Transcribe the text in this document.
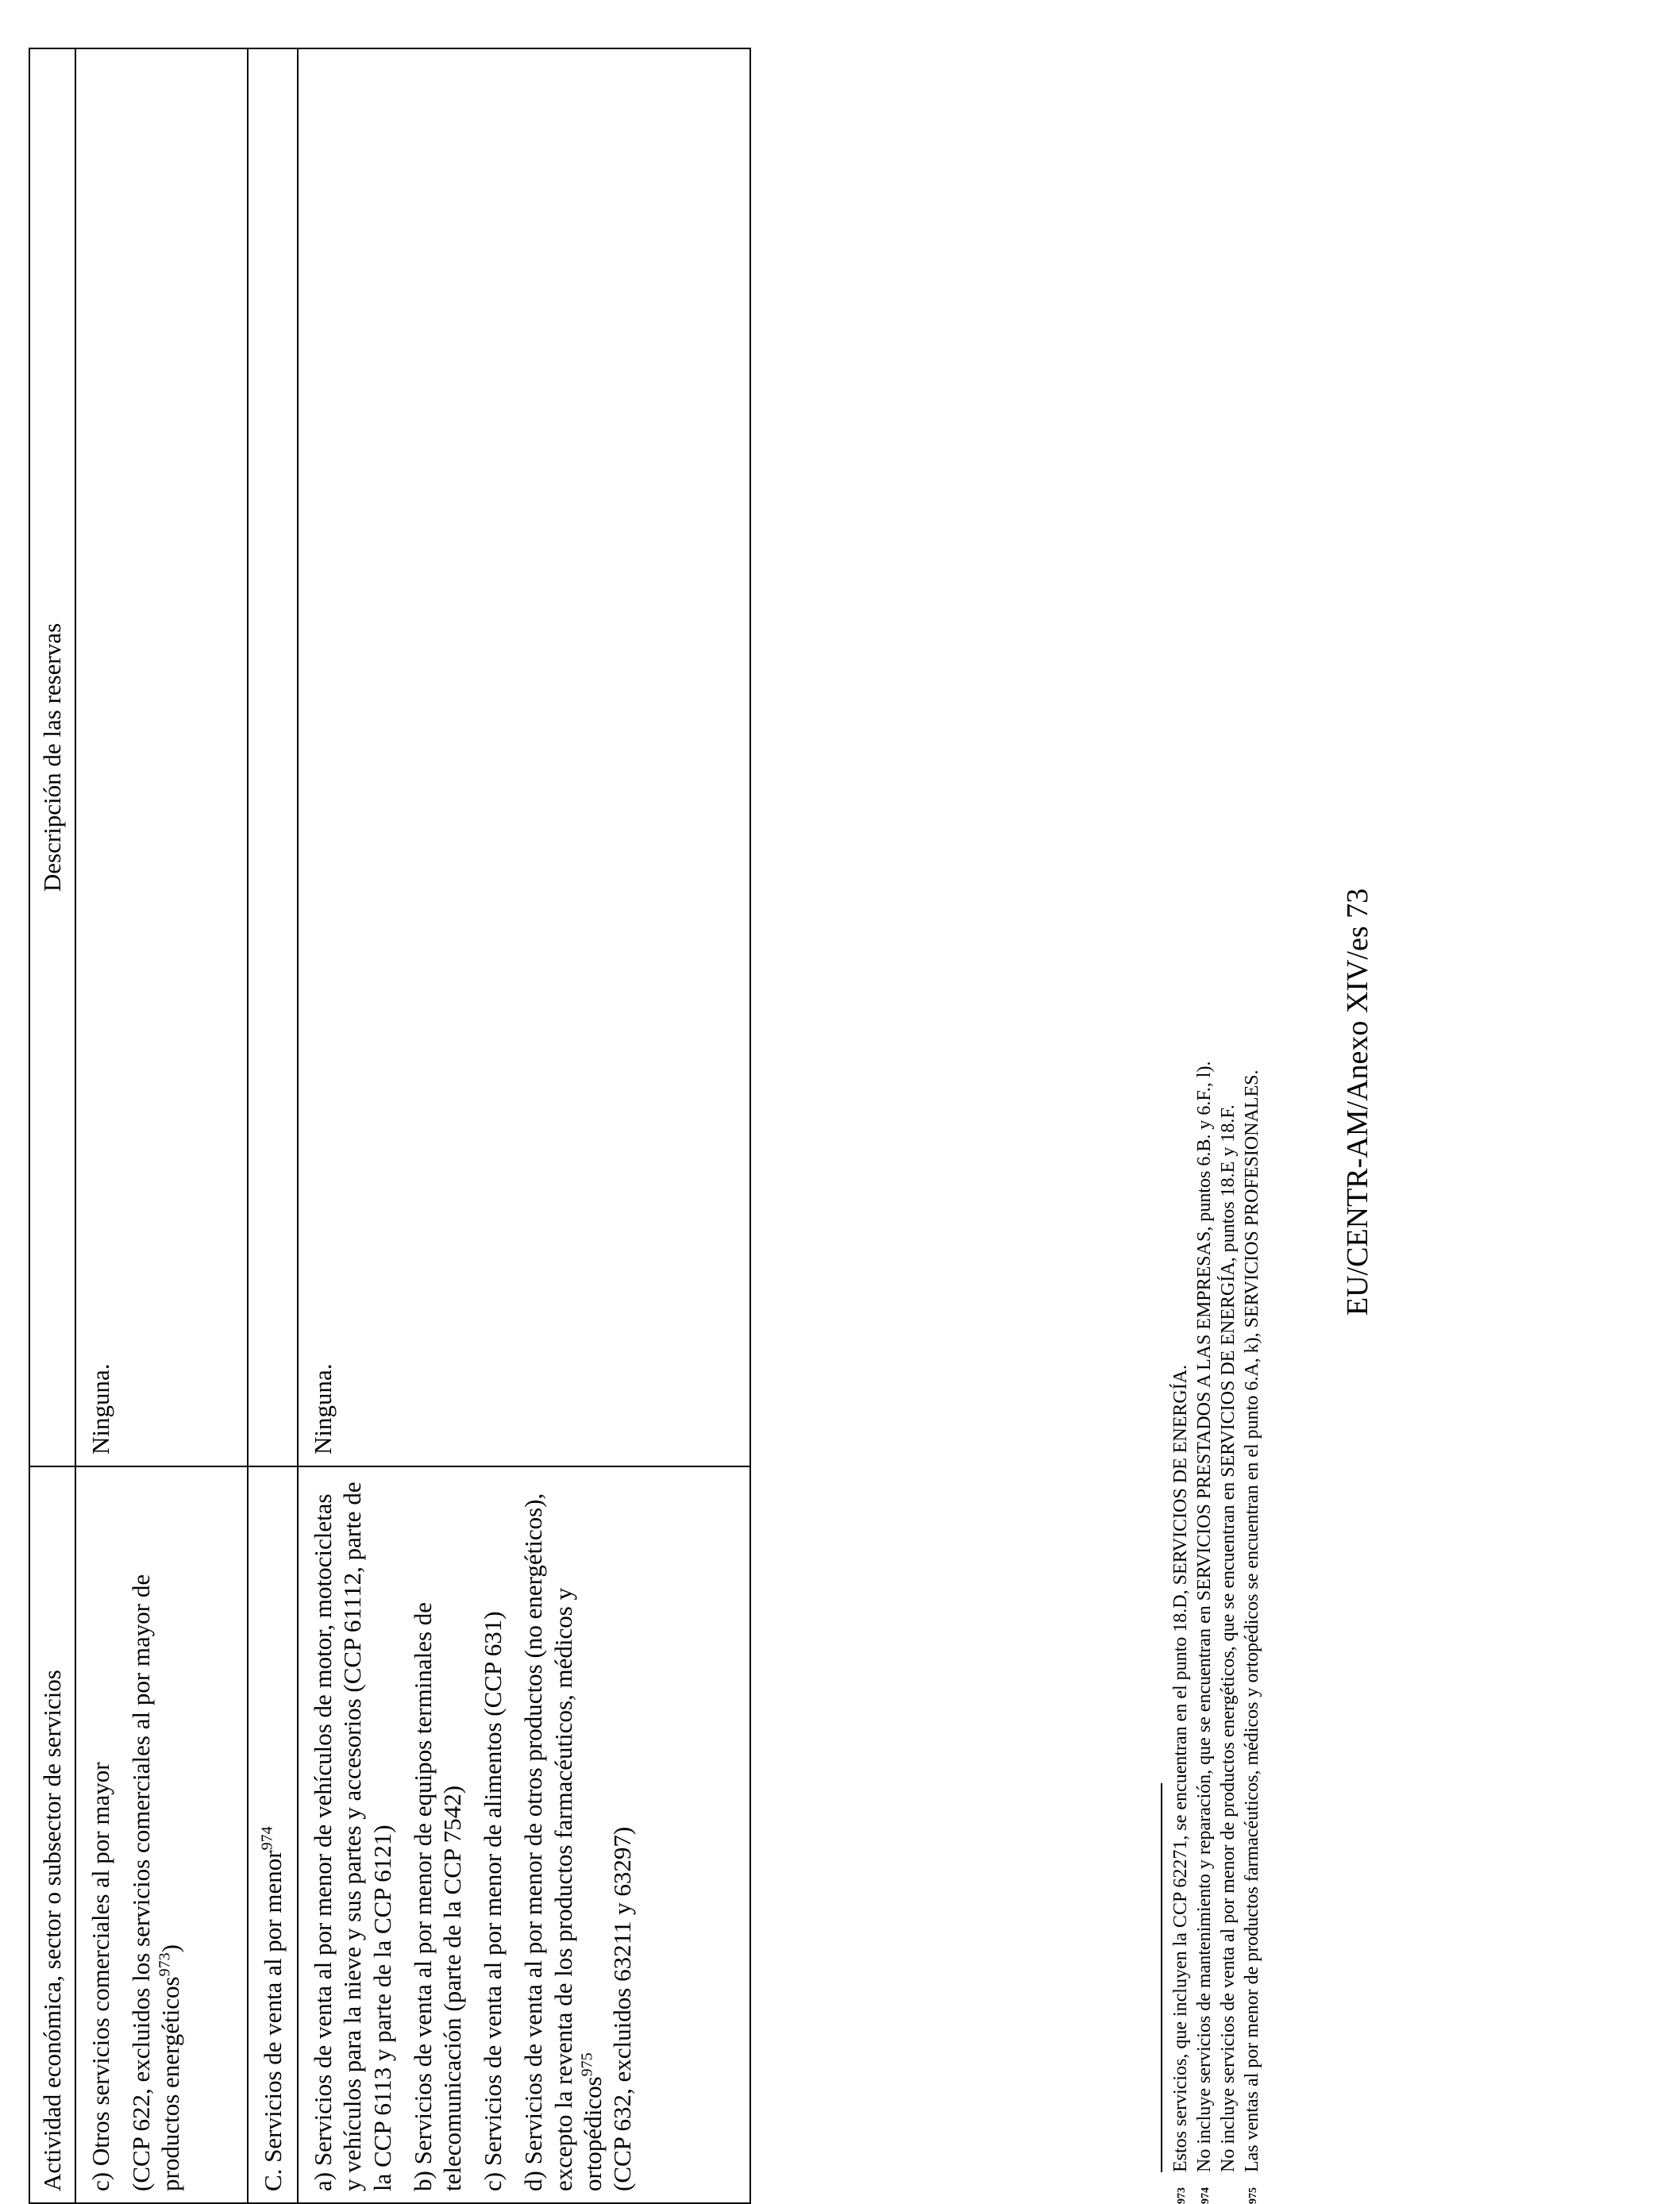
Actividad económica, sector o subsector de servicios	Descripción de las reservas

c) Otros servicios comerciales al por mayor (CCP 622, excluidos los servicios comerciales al por mayor de productos energéticos$^{973}$)	Ninguna.
C. Servicios de venta al por menor$^{974}$	

a) Servicios de venta al por menor de vehículos de motor, motocicletas y vehículos para la nieve y sus partes y accesorios (CCP 61112, parte de la CCP 6113 y parte de la CCP 6121) b) Servicios de venta al por menor de equipos terminales de telecomunicación (parte de la CCP 7542) c) Servicios de venta al por menor de alimentos (CCP 631) d) Servicios de venta al por menor de otros productos (no energéticos), excepto la reventa de los productos farmacéuticos, médicos y ortopédicos$^{975}$ (CCP 632, excluidos 63211 y 63297)	Ninguna.
973
Estos servicios, que incluyen la CCP 62271, se encuentran en el punto 18.D, SERVICIOS DE ENERGÍA.
974
No incluye servicios de mantenimiento y reparación, que se encuentran en SERVICIOS PRESTADOS A LAS EMPRESAS, puntos 6.B. y 6.F., l). No incluye servicios de venta al por menor de productos energéticos, que se encuentran en SERVICIOS DE ENERGÍA, puntos 18.E y 18.F.
975
Las ventas al por menor de productos farmacéuticos, médicos y ortopédicos se encuentran en el punto 6.A, k), SERVICIOS PROFESIONALES.	EU/CENTR-AM/Anexo XIV/es 73
